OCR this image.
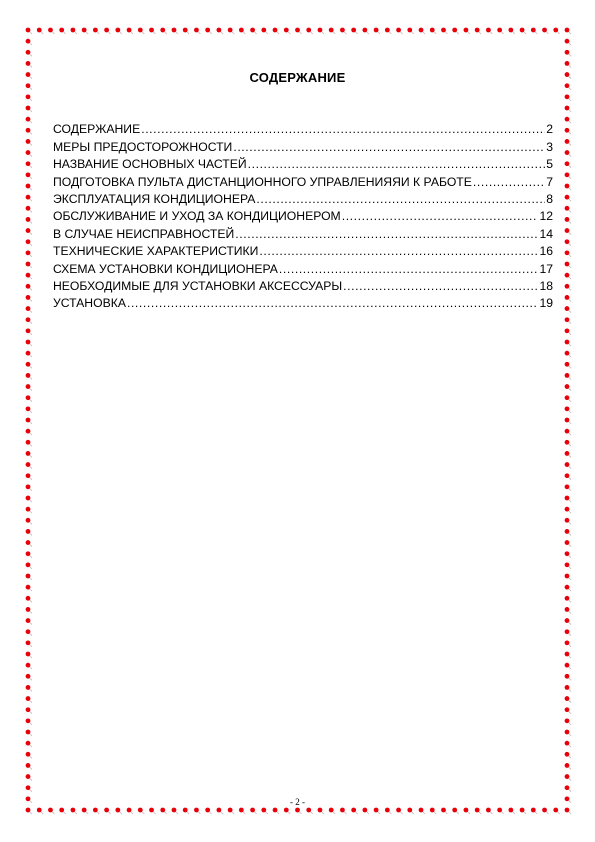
СОДЕРЖАНИЕ
СОДЕРЖАНИЕ .....	2
МЕРЫ ПРЕДОСТОРОЖНОСТИ .....	3
НАЗВАНИЕ ОСНОВНЫХ ЧАСТЕЙ .....	5
ПОДГОТОВКА ПУЛЬТА ДИСТАНЦИОННОГО УПРАВЛЕНИЯЯИ К РАБОТЕ .....	7
ЭКСПЛУАТАЦИЯ КОНДИЦИОНЕРА .....	8
ОБСЛУЖИВАНИЕ И УХОД ЗА КОНДИЦИОНЕРОМ .....	12
В СЛУЧАЕ НЕИСПРАВНОСТЕЙ .....	14
ТЕХНИЧЕСКИЕ ХАРАКТЕРИСТИКИ .....	16
СХЕМА УСТАНОВКИ КОНДИЦИОНЕРА .....	17
НЕОБХОДИМЫЕ ДЛЯ УСТАНОВКИ АКСЕССУАРЫ .....	18
УСТАНОВКА .....	19
- 2 -
